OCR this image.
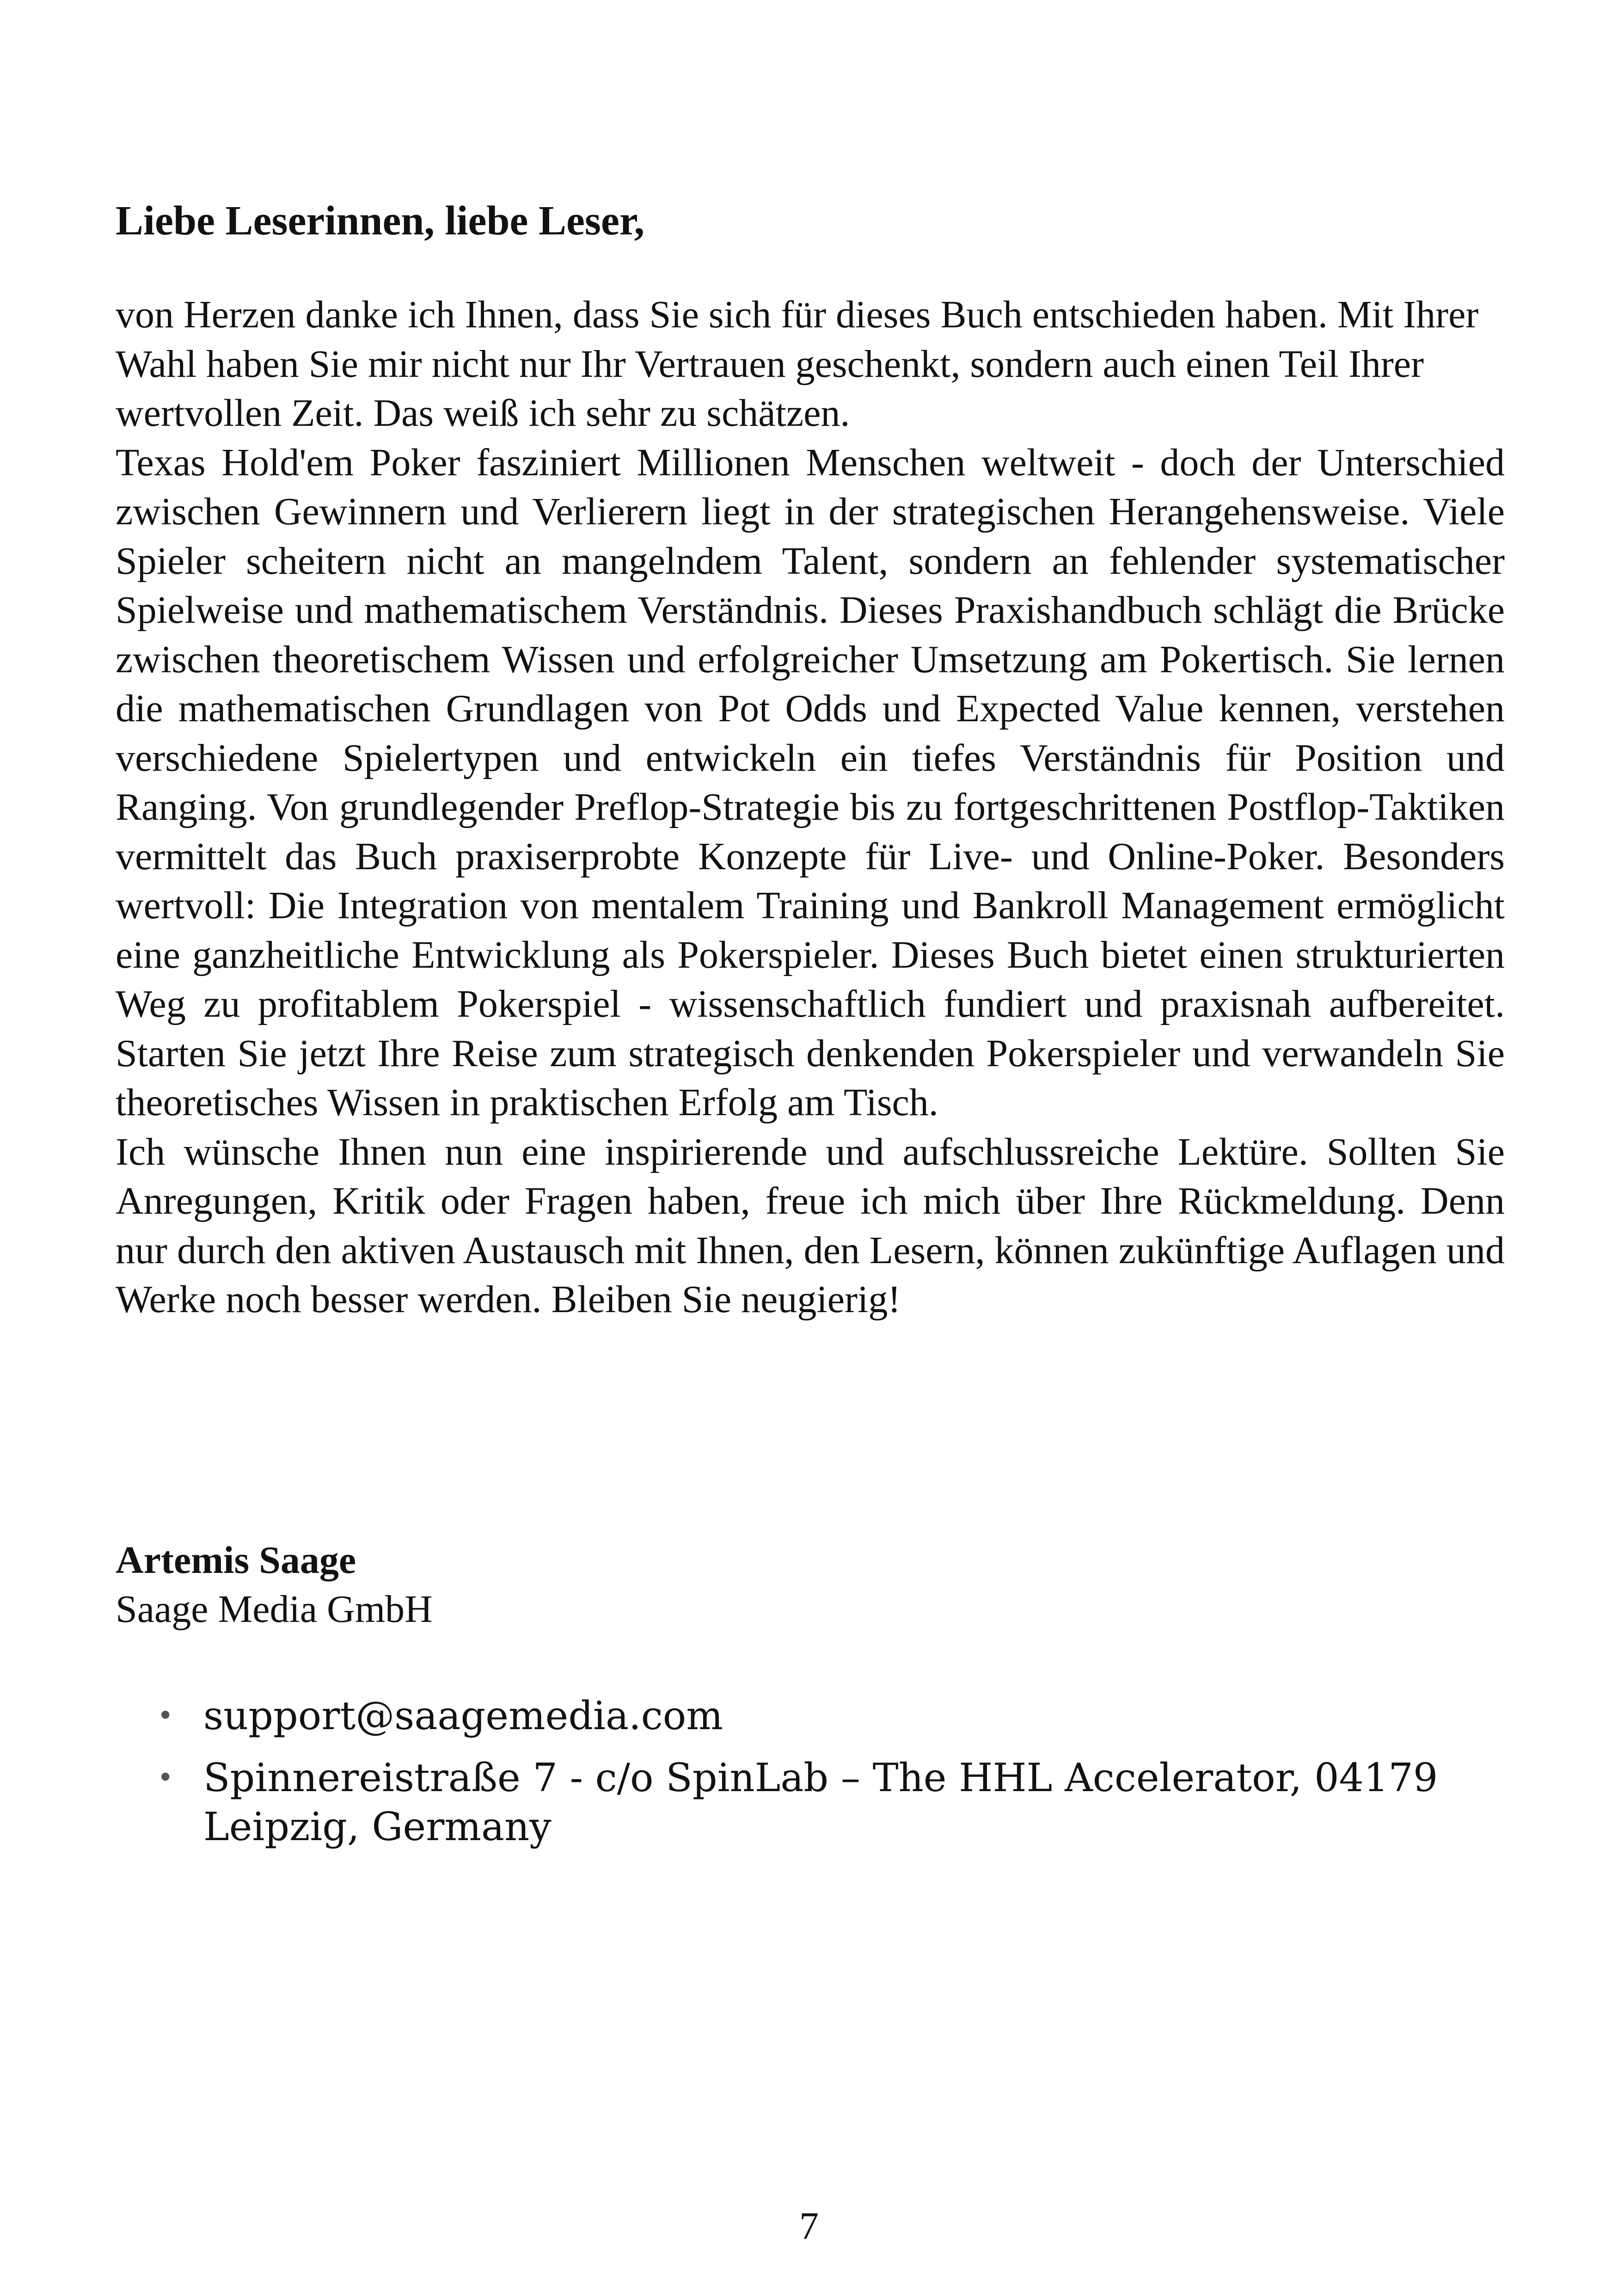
Liebe Leserinnen, liebe Leser,

von Herzen danke ich Ihnen, dass Sie sich für dieses Buch entschieden haben. Mit Ihrer Wahl haben Sie mir nicht nur Ihr Vertrauen geschenkt, sondern auch einen Teil Ihrer wertvollen Zeit. Das weiß ich sehr zu schätzen.

Texas Hold'em Poker fasziniert Millionen Menschen weltweit - doch der Unterschied zwischen Gewinnern und Verlierern liegt in der strategischen Herangehensweise. Viele Spieler scheitern nicht an mangelndem Talent, sondern an fehlender systematischer Spielweise und mathematischem Verständnis. Dieses Praxishandbuch schlägt die Brücke zwischen theoretischem Wissen und erfolgreicher Umsetzung am Pokertisch. Sie lernen die mathematischen Grundlagen von Pot Odds und Expected Value kennen, verstehen verschiedene Spielertypen und entwickeln ein tiefes Verständnis für Position und Ranging. Von grundlegender Preflop-Strategie bis zu fortgeschrittenen Postflop-Taktiken vermittelt das Buch praxiserprobte Konzepte für Live- und Online-Poker. Besonders wertvoll: Die Integration von mentalem Training und Bankroll Management ermöglicht eine ganzheitliche Entwicklung als Pokerspieler. Dieses Buch bietet einen strukturierten Weg zu profitablem Pokerspiel - wissenschaftlich fundiert und praxisnah aufbereitet. Starten Sie jetzt Ihre Reise zum strategisch denkenden Pokerspieler und verwandeln Sie theoretisches Wissen in praktischen Erfolg am Tisch.

Ich wünsche Ihnen nun eine inspirierende und aufschlussreiche Lektüre. Sollten Sie Anregungen, Kritik oder Fragen haben, freue ich mich über Ihre Rückmeldung. Denn nur durch den aktiven Austausch mit Ihnen, den Lesern, können zukünftige Auflagen und Werke noch besser werden. Bleiben Sie neugierig!

Artemis Saage
Saage Media GmbH
• support@saagemedia.com
• Spinnereistraße 7 - c/o SpinLab – The HHL Accelerator, 04179 Leipzig, Germany
7
